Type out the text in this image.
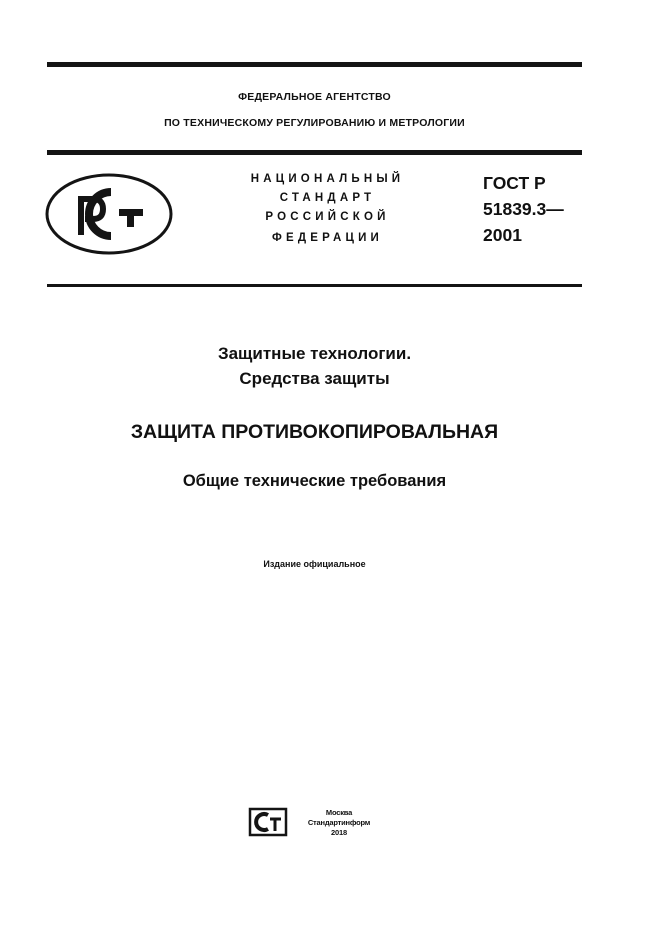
ФЕДЕРАЛЬНОЕ АГЕНТСТВО
ПО ТЕХНИЧЕСКОМУ РЕГУЛИРОВАНИЮ И МЕТРОЛОГИИ
НАЦИОНАЛЬНЫЙ
СТАНДАРТ
РОССИЙСКОЙ
ФЕДЕРАЦИИ
ГОСТ Р
51839.3—
2001
Защитные технологии.
Средства защиты
ЗАЩИТА ПРОТИВОКОПИРОВАЛЬНАЯ
Общие технические требования
Издание официальное
Москва
Стандартинформ
2018
